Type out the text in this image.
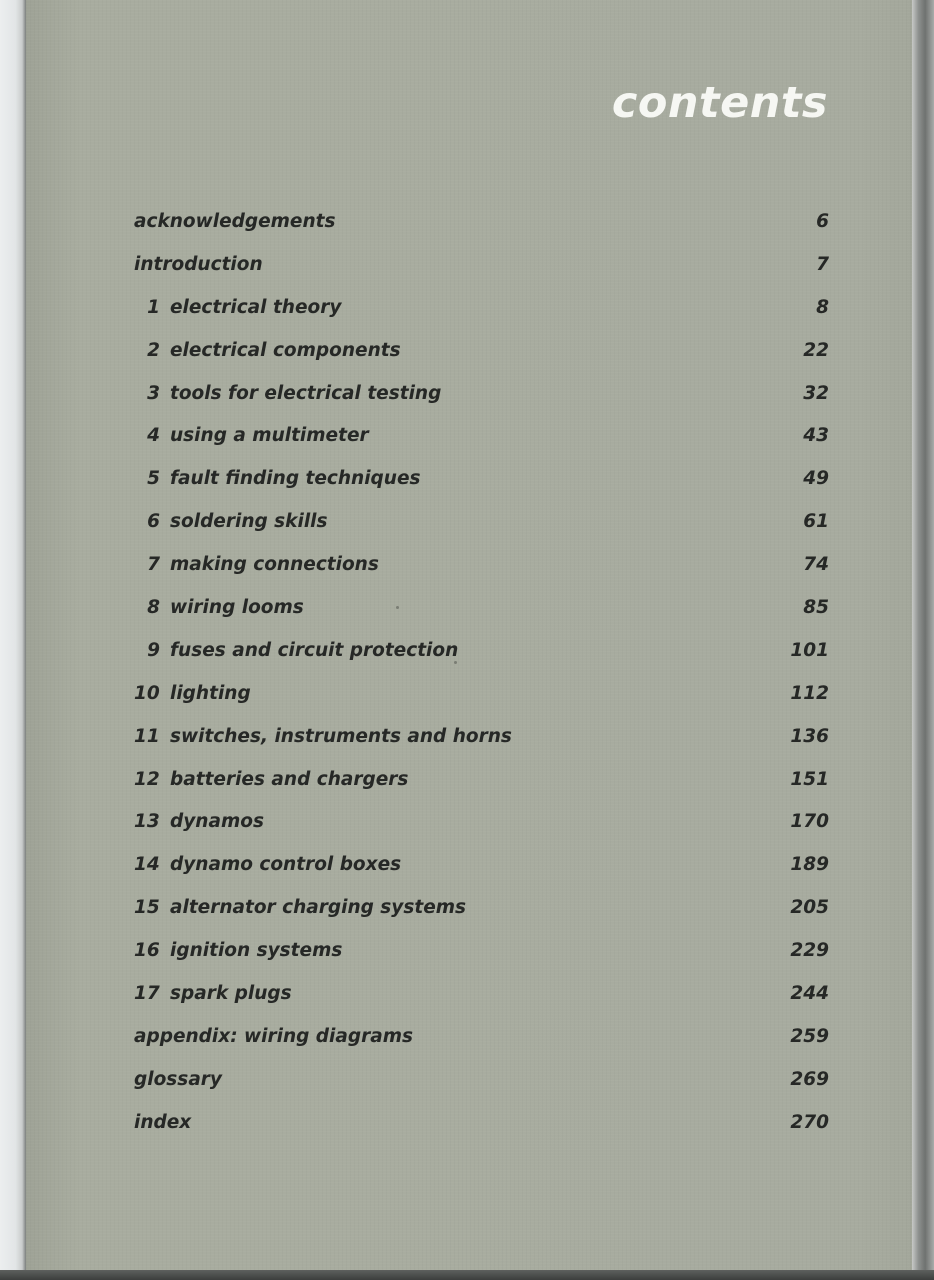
contents
acknowledgements	6
introduction	7
1 electrical theory	8
2 electrical components	22
3 tools for electrical testing	32
4 using a multimeter	43
5 fault finding techniques	49
6 soldering skills	61
7 making connections	74
8 wiring looms	85
9 fuses and circuit protection	101
10 lighting	112
11 switches, instruments and horns	136
12 batteries and chargers	151
13 dynamos	170
14 dynamo control boxes	189
15 alternator charging systems	205
16 ignition systems	229
17 spark plugs	244
appendix: wiring diagrams	259
glossary	269
index	270
